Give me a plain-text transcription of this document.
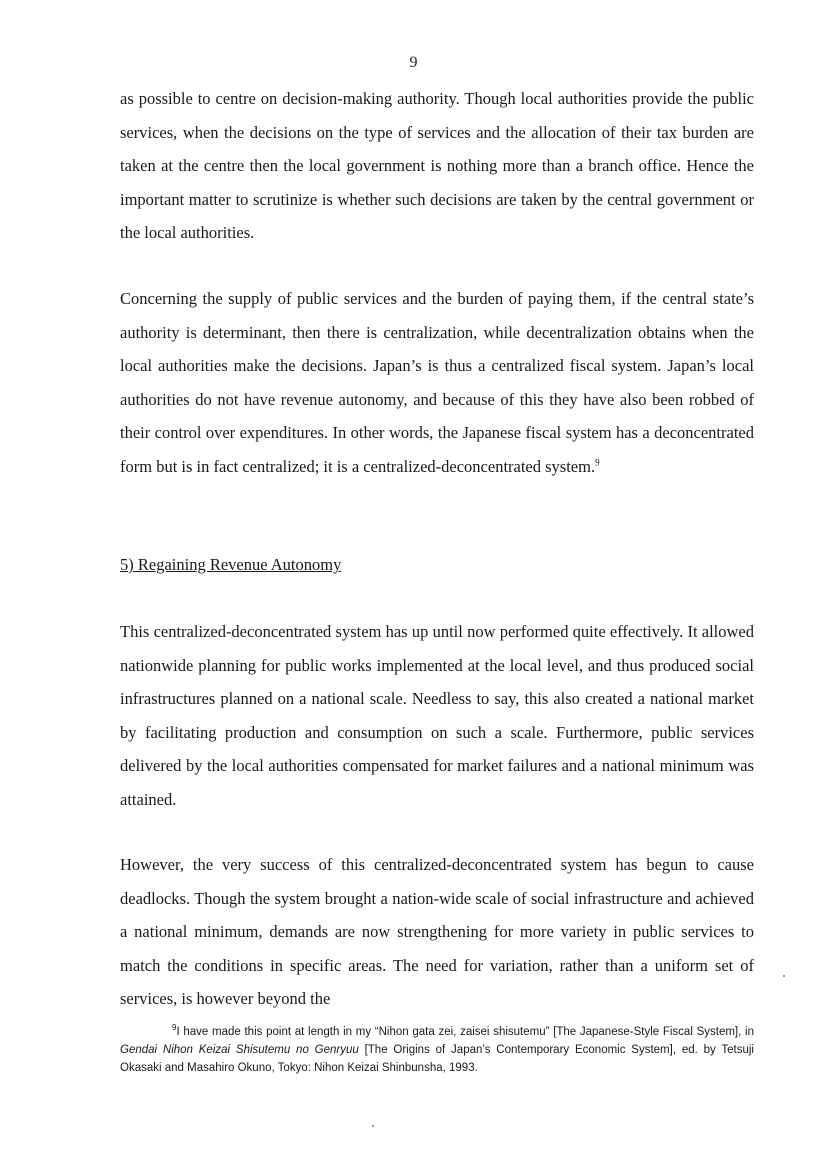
9

as possible to centre on decision-making authority. Though local authorities provide the public services, when the decisions on the type of services and the allocation of their tax burden are taken at the centre then the local government is nothing more than a branch office. Hence the important matter to scrutinize is whether such decisions are taken by the central government or the local authorities.

Concerning the supply of public services and the burden of paying them, if the central state’s authority is determinant, then there is centralization, while decentralization obtains when the local authorities make the decisions. Japan’s is thus a centralized fiscal system. Japan’s local authorities do not have revenue autonomy, and because of this they have also been robbed of their control over expenditures. In other words, the Japanese fiscal system has a deconcentrated form but is in fact centralized; it is a centralized-deconcentrated system.$^9$

5) Regaining Revenue Autonomy

This centralized-deconcentrated system has up until now performed quite effectively. It allowed nationwide planning for public works implemented at the local level, and thus produced social infrastructures planned on a national scale. Needless to say, this also created a national market by facilitating production and consumption on such a scale. Furthermore, public services delivered by the local authorities compensated for market failures and a national minimum was attained.

However, the very success of this centralized-deconcentrated system has begun to cause deadlocks. Though the system brought a nation-wide scale of social infrastructure and achieved a national minimum, demands are now strengthening for more variety in public services to match the conditions in specific areas. The need for variation, rather than a uniform set of services, is however beyond the

$^9$I have made this point at length in my “Nihon gata zei, zaisei shisutemu” [The Japanese-Style Fiscal System], in Gendai Nihon Keizai Shisutemu no Genryuu [The Origins of Japan’s Contemporary Economic System], ed. by Tetsuji Okasaki and Masahiro Okuno, Tokyo: Nihon Keizai Shinbunsha, 1993.
